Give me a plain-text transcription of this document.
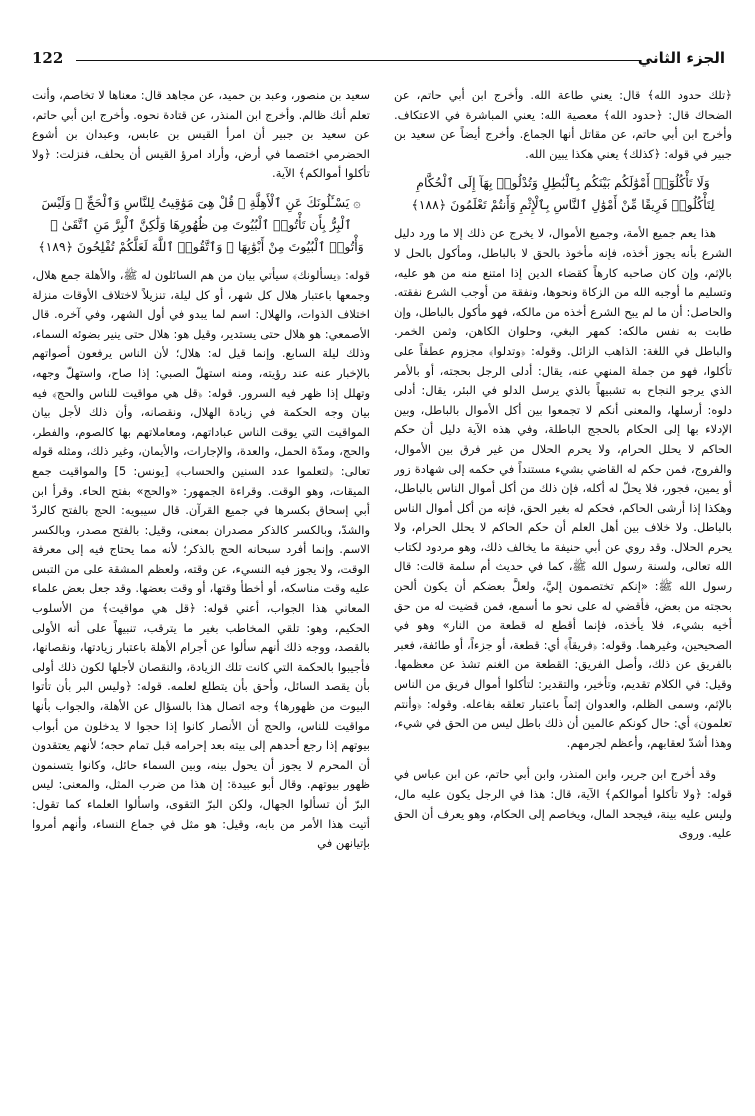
الجزء الثاني
122

﴿تلك حدود الله﴾ قال: يعني طاعة الله. وأخرج ابن أبي حاتم، عن الضحاك قال: ﴿حدود الله﴾ معصية الله: يعني المباشرة في الاعتكاف. وأخرج ابن أبي حاتم، عن مقاتل أنها الجماع. وأخرج أيضاً عن سعيد بن جبير في قوله: ﴿كذلك﴾ يعني هكذا يبين الله.

وَلَا تَأْكُلُوٓا۟ أَمْوَٰلَكُم بَيْنَكُم بِٱلْبَٰطِلِ وَتُدْلُوا۟ بِهَآ إِلَى ٱلْحُكَّامِ لِتَأْكُلُوا۟ فَرِيقًا مِّنْ أَمْوَٰلِ ٱلنَّاسِ بِٱلْإِثْمِ وَأَنتُمْ تَعْلَمُونَ ﴿١٨٨﴾

هذا يعم جميع الأمة، وجميع الأموال، لا يخرج عن ذلك إلا ما ورد دليل الشرع بأنه يجوز أخذه، فإنه مأخوذ بالحق لا بالباطل، ومأكول بالحل لا بالإثم، وإن كان صاحبه كارهاً كقضاء الدين إذا امتنع منه من هو عليه، وتسليم ما أوجبه الله من الزكاة ونحوها، ونفقة من أوجب الشرع نفقته. والحاصل: أن ما لم يبح الشرع أخذه من مالكه، فهو مأكول بالباطل، وإن طابت به نفس مالكه: كمهر البغي، وحلوان الكاهن، وثمن الخمر. والباطل في اللغة: الذاهب الزائل. وقوله: ﴿وتدلوا﴾ مجزوم عطفاً على تأكلوا، فهو من جملة المنهي عنه، يقال: أدلى الرجل بحجته، أو بالأمر الذي يرجو النجاح به تشبيهاً بالذي يرسل الدلو في البئر، يقال: أدلى دلوه: أرسلها، والمعنى أنكم لا تجمعوا بين أكل الأموال بالباطل، وبين الإدلاء بها إلى الحكام بالحجج الباطلة، وفي هذه الآية دليل أن حكم الحاكم لا يحلل الحرام، ولا يحرم الحلال من غير فرق بين الأموال، والفروج، فمن حكم له القاضي بشيء مستنداً في حكمه إلى شهادة زور أو يمين، فجور، فلا يحلّ له أكله، فإن ذلك من أكل أموال الناس بالباطل، وهكذا إذا أرشى الحاكم، فحكم له بغير الحق، فإنه من أكل أموال الناس بالباطل. ولا خلاف بين أهل العلم أن حكم الحاكم لا يحلل الحرام، ولا يحرم الحلال. وقد روي عن أبي حنيفة ما يخالف ذلك، وهو مردود لكتاب الله تعالى، ولسنة رسول الله ﷺ، كما في حديث أم سلمة قالت: قال رسول الله ﷺ: «إنكم تختصمون إليَّ، ولعلَّ بعضكم أن يكون ألحن بحجته من بعض، فأقضي له على نحو ما أسمع، فمن قضيت له من حق أخيه بشيء، فلا يأخذه، فإنما أقطع له قطعة من النار» وهو في الصحيحين، وغيرهما. وقوله: ﴿فريقاً﴾ أي: قطعة، أو جزءاً، أو طائفة، فعبر بالفريق عن ذلك، وأصل الفريق: القطعة من الغنم تشذ عن معظمها. وقيل: في الكلام تقديم، وتأخير، والتقدير: لتأكلوا أموال فريق من الناس بالإثم، وسمى الظلم، والعدوان إثماً باعتبار تعلقه بفاعله. وقوله: ﴿وأنتم تعلمون﴾ أي: حال كونكم عالمين أن ذلك باطل ليس من الحق في شيء، وهذا أشدّ لعقابهم، وأعظم لجرمهم.

وقد أخرج ابن جرير، وابن المنذر، وابن أبي حاتم، عن ابن عباس في قوله: ﴿ولا تأكلوا أموالكم﴾ الآية، قال: هذا في الرجل يكون عليه مال، وليس عليه بينة، فيجحد المال، ويخاصم إلى الحكام، وهو يعرف أن الحق عليه. وروى

سعيد بن منصور، وعبد بن حميد، عن مجاهد قال: معناها لا تخاصم، وأنت تعلم أنك ظالم. وأخرج ابن المنذر، عن قتادة نحوه. وأخرج ابن أبي حاتم، عن سعيد بن جبير أن امرأ القيس بن عابس، وعبدان بن أشوع الحضرمي اختصما في أرض، وأراد امرؤ القيس أن يحلف، فنزلت: ﴿ولا تأكلوا أموالكم﴾ الآية.

۞ يَسْـَٔلُونَكَ عَنِ ٱلْأَهِلَّةِ ۖ قُلْ هِىَ مَوَٰقِيتُ لِلنَّاسِ وَٱلْحَجِّ ۗ وَلَيْسَ ٱلْبِرُّ بِأَن تَأْتُوا۟ ٱلْبُيُوتَ مِن ظُهُورِهَا وَلَٰكِنَّ ٱلْبِرَّ مَنِ ٱتَّقَىٰ ۗ وَأْتُوا۟ ٱلْبُيُوتَ مِنْ أَبْوَٰبِهَا ۚ وَٱتَّقُوا۟ ٱللَّهَ لَعَلَّكُمْ تُفْلِحُونَ ﴿١٨٩﴾

قوله: ﴿يسألونك﴾ سيأتي بيان من هم السائلون له ﷺ، والأهلة جمع هلال، وجمعها باعتبار هلال كل شهر، أو كل ليلة، تنزيلاً لاختلاف الأوقات منزلة اختلاف الذوات، والهلال: اسم لما يبدو في أول الشهر، وفي آخره. قال الأصمعي: هو هلال حتى يستدير، وقيل هو: هلال حتى ينير بضوئه السماء، وذلك ليلة السابع. وإنما قيل له: هلال؛ لأن الناس يرفعون أصواتهم بالإخبار عنه عند رؤيته، ومنه استهلّ الصبي: إذا صاح، واستهلّ وجهه، وتهلل إذا ظهر فيه السرور. قوله: ﴿قل هي مواقيت للناس والحج﴾ فيه بيان وجه الحكمة في زيادة الهلال، ونقصانه، وأن ذلك لأجل بيان المواقيت التي يوقت الناس عباداتهم، ومعاملاتهم بها كالصوم، والفطر، والحج، ومدّة الحمل، والعدة، والإجارات، والأيمان، وغير ذلك، ومثله قوله تعالى: ﴿لتعلموا عدد السنين والحساب﴾ [يونس: 5] والمواقيت جمع الميقات، وهو الوقت. وقراءة الجمهور: «والحج» بفتح الحاء. وقرأ ابن أبي إسحاق بكسرها في جميع القرآن. قال سيبويه: الحج بالفتح كالردّ والشدّ، وبالكسر كالذكر مصدران بمعنى، وقيل: بالفتح مصدر، وبالكسر الاسم. وإنما أفرد سبحانه الحج بالذكر؛ لأنه مما يحتاج فيه إلى معرفة الوقت، ولا يجوز فيه النسيء، عن وقته، ولعظم المشقة على من التبس عليه وقت مناسكه، أو أخطأ وقتها، أو وقت بعضها. وقد جعل بعض علماء المعاني هذا الجواب، أعني قوله: ﴿قل هي مواقيت﴾ من الأسلوب الحكيم، وهو: تلقي المخاطب بغير ما يترقب، تنبيهاً على أنه الأولى بالقصد، ووجه ذلك أنهم سألوا عن أجرام الأهلة باعتبار زيادتها، ونقصانها، فأجيبوا بالحكمة التي كانت تلك الزيادة، والنقصان لأجلها لكون ذلك أولى بأن يقصد السائل، وأحق بأن يتطلع لعلمه. قوله: ﴿وليس البر بأن تأتوا البيوت من ظهورها﴾ وجه اتصال هذا بالسؤال عن الأهلة، والجواب بأنها مواقيت للناس، والحج أن الأنصار كانوا إذا حجوا لا يدخلون من أبواب بيوتهم إذا رجع أحدهم إلى بيته بعد إحرامه قبل تمام حجه؛ لأنهم يعتقدون أن المحرم لا يجوز أن يحول بينه، وبين السماء حائل، وكانوا يتسنمون ظهور بيوتهم. وقال أبو عبيدة: إن هذا من ضرب المثل، والمعنى: ليس البرّ أن تسألوا الجهال، ولكن البرّ التقوى، واسألوا العلماء كما تقول: أتيت هذا الأمر من بابه، وقيل: هو مثل في جماع النساء، وأنهم أمروا بإتيانهن في
